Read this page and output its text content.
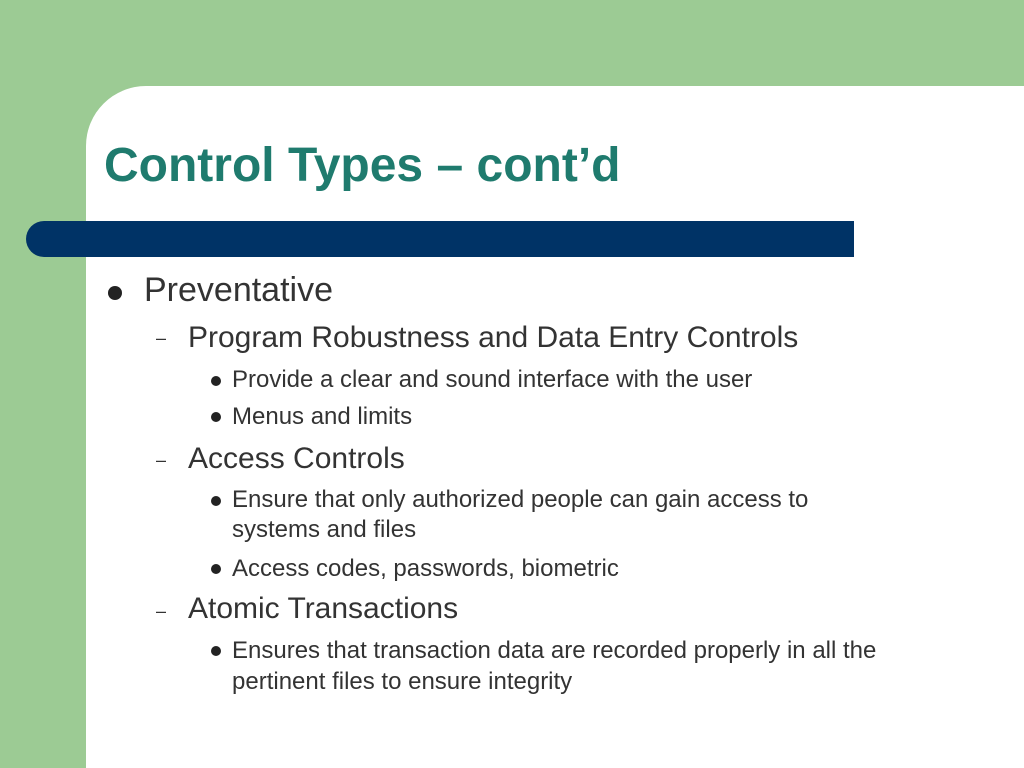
Control Types – cont’d
Preventative
– Program Robustness and Data Entry Controls
Provide a clear and sound interface with the user
Menus and limits
– Access Controls
Ensure that only authorized people can gain access to
systems and files
Access codes, passwords, biometric
– Atomic Transactions
Ensures that transaction data are recorded properly in all the
pertinent files to ensure integrity
